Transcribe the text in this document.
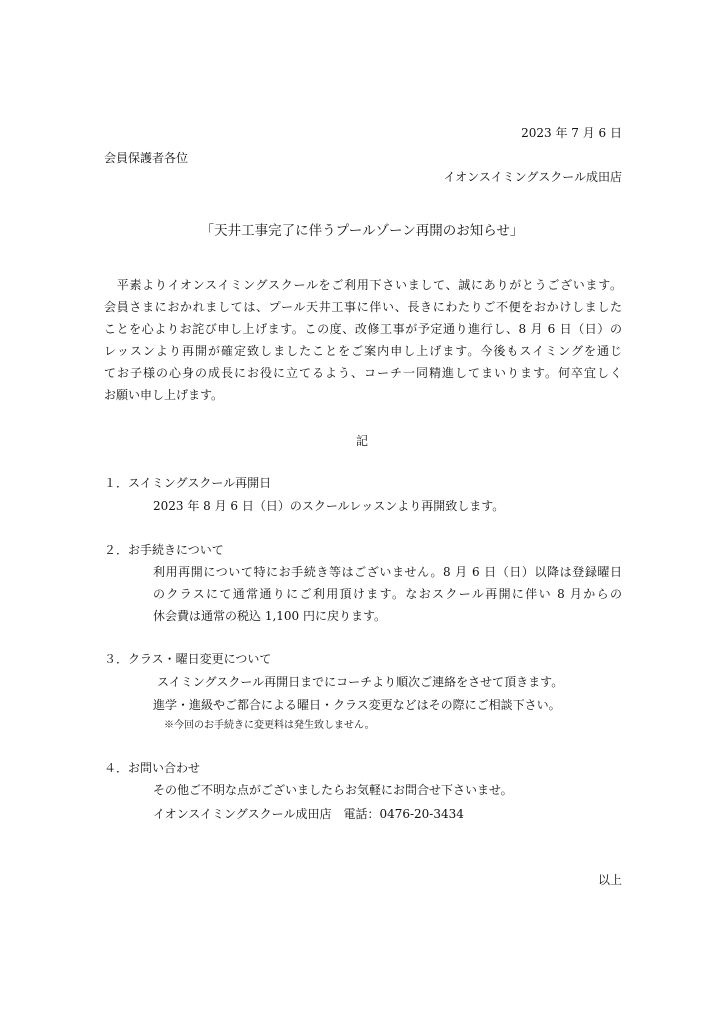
2023 年 7 月 6 日
会員保護者各位
イオンスイミングスクール成田店
「天井工事完了に伴うプールゾーン再開のお知らせ」
　平素よりイオンスイミングスクールをご利用下さいまして、誠にありがとうございます。
会員さまにおかれましては、プール天井工事に伴い、長きにわたりご不便をおかけしました
ことを心よりお詫び申し上げます。この度、改修工事が予定通り進行し、8 月 6 日（日）の
レッスンより再開が確定致しましたことをご案内申し上げます。今後もスイミングを通じ
てお子様の心身の成長にお役に立てるよう、コーチ一同精進してまいります。何卒宜しく
お願い申し上げます。
記
１．スイミングスクール再開日
2023 年 8 月 6 日（日）のスクールレッスンより再開致します。
２．お手続きについて
利用再開について特にお手続き等はございません。8 月 6 日（日）以降は登録曜日
のクラスにて通常通りにご利用頂けます。なおスクール再開に伴い 8 月からの
休会費は通常の税込 1,100 円に戻ります。
３．クラス・曜日変更について
スイミングスクール再開日までにコーチより順次ご連絡をさせて頂きます。
進学・進級やご都合による曜日・クラス変更などはその際にご相談下さい。
※今回のお手続きに変更料は発生致しません。
４．お問い合わせ
その他ご不明な点がございましたらお気軽にお問合せ下さいませ。
イオンスイミングスクール成田店　電話：0476-20-3434
以上
